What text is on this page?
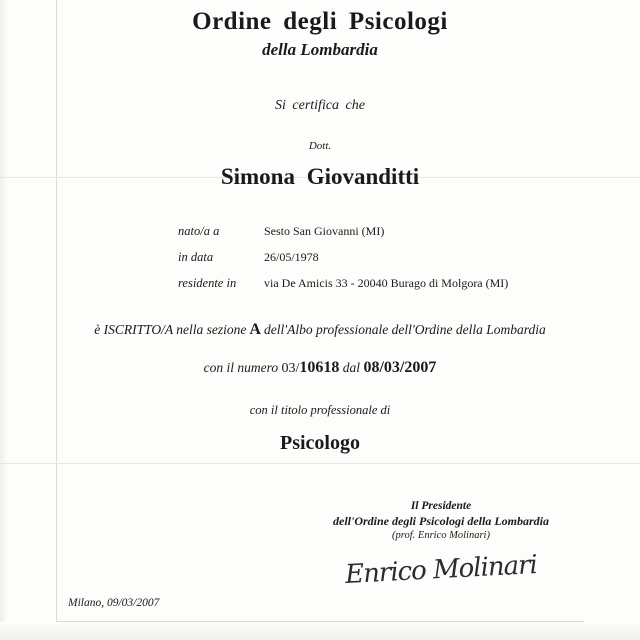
Ordine degli Psicologi
della Lombardia
Si certifica che
Dott.
Simona Giovanditti
nato/a a	Sesto San Giovanni (MI)
in data	26/05/1978
residente in	via De Amicis 33 - 20040 Burago di Molgora (MI)
è ISCRITTO/A nella sezione A dell'Albo professionale dell'Ordine della Lombardia
con il numero 03/10618 dal 08/03/2007
con il titolo professionale di
Psicologo
Il Presidente
dell'Ordine degli Psicologi della Lombardia
(prof. Enrico Molinari)
Enrico Molinari
Milano, 09/03/2007
